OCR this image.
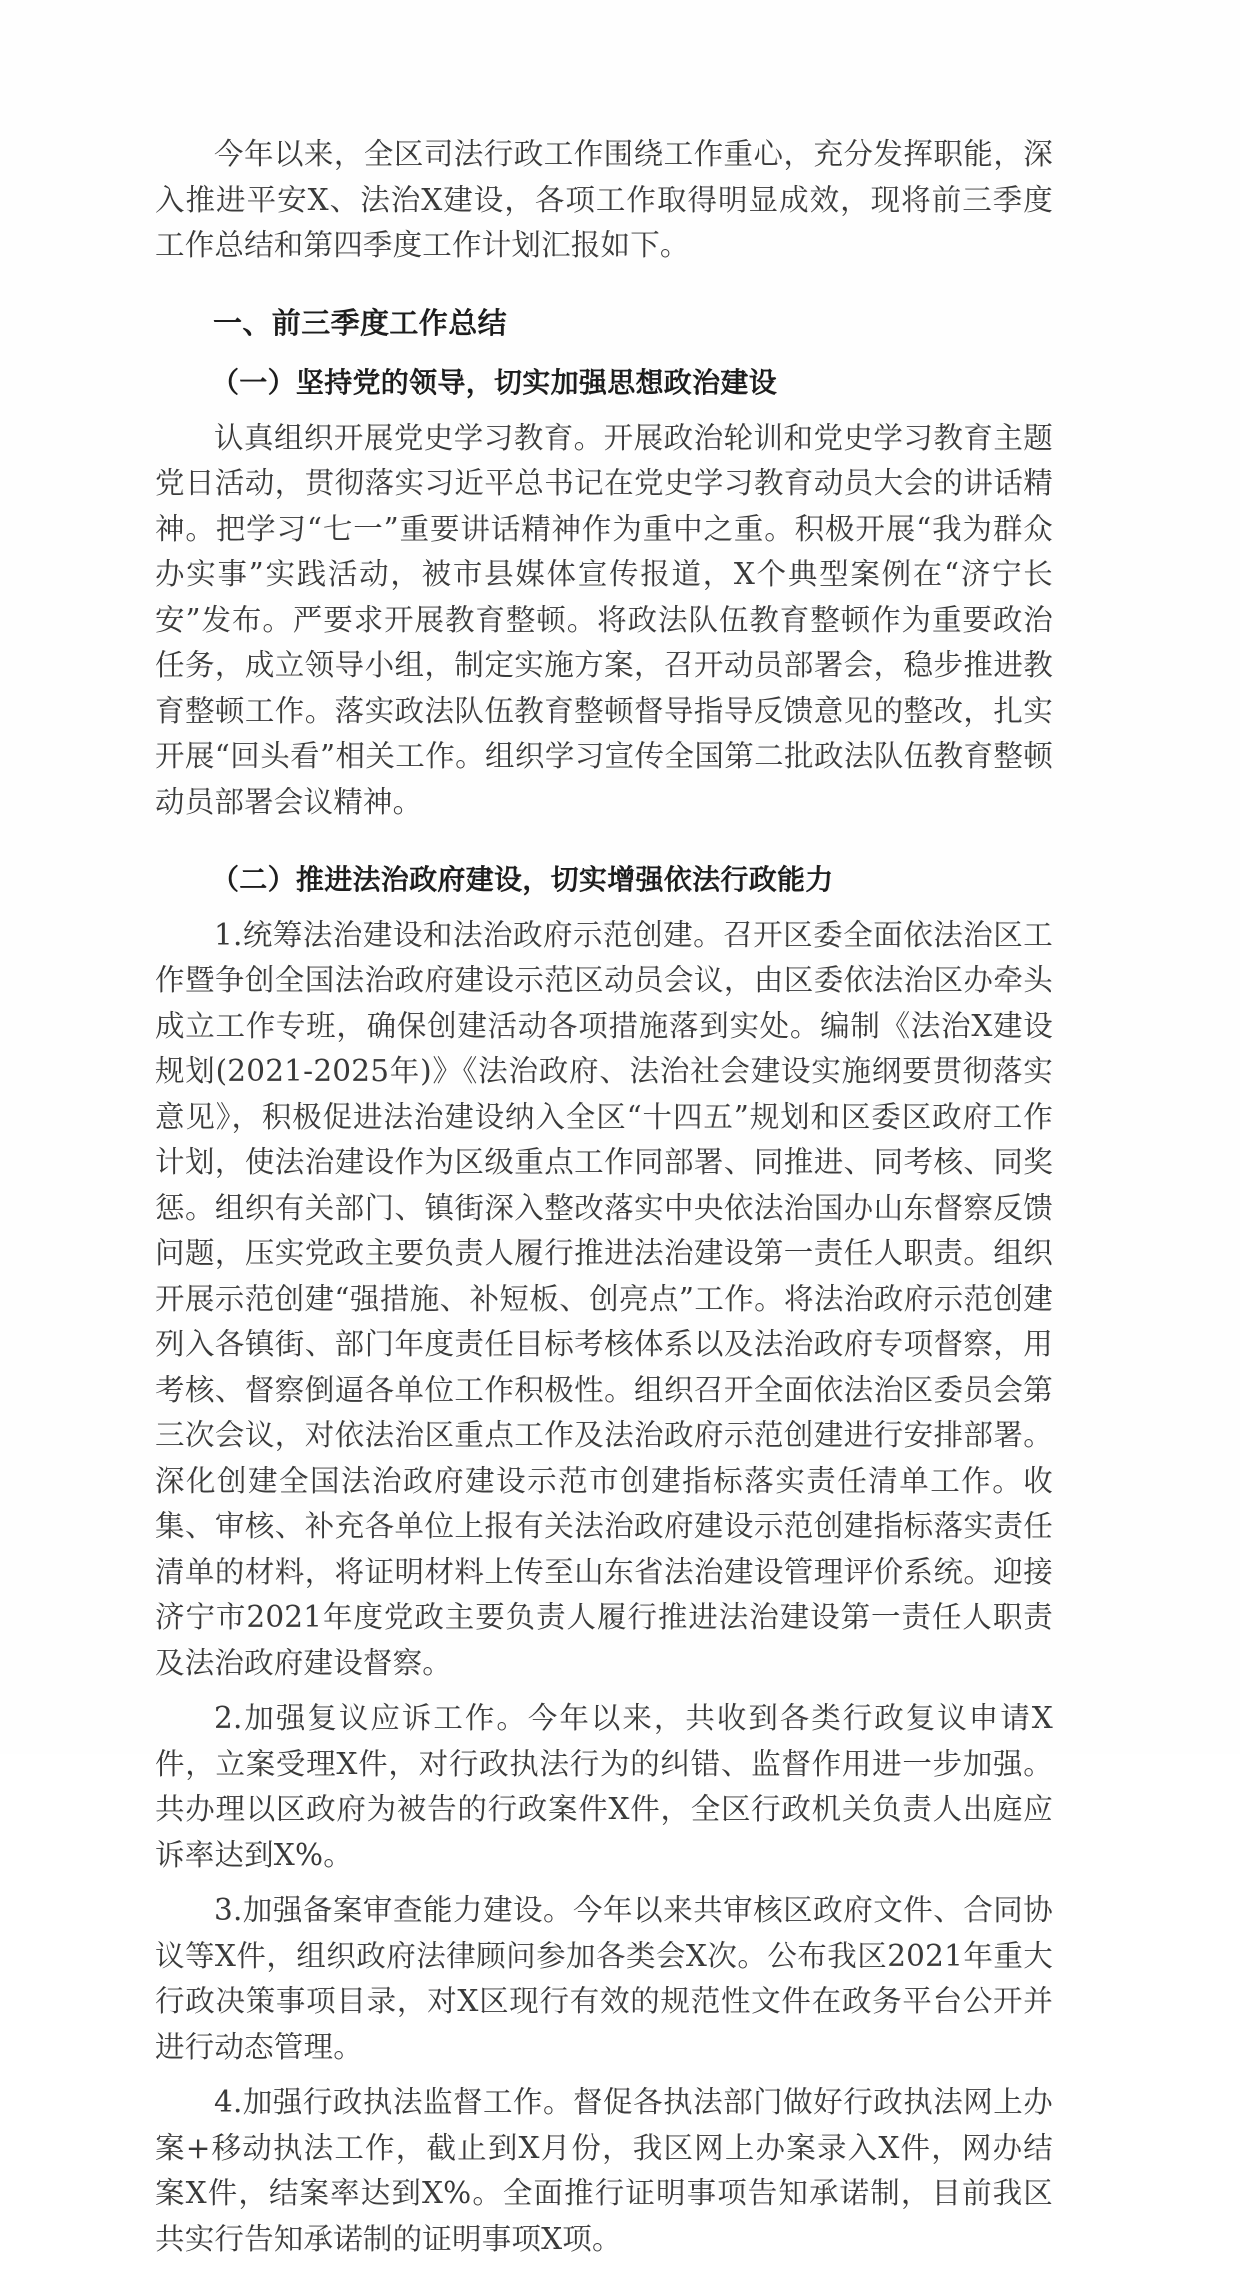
今年以来，全区司法行政工作围绕工作重心，充分发挥职能，深入推进平安X、法治X建设，各项工作取得明显成效，现将前三季度工作总结和第四季度工作计划汇报如下。

一、前三季度工作总结
（一）坚持党的领导，切实加强思想政治建设

认真组织开展党史学习教育。开展政治轮训和党史学习教育主题党日活动，贯彻落实习近平总书记在党史学习教育动员大会的讲话精神。把学习“七一”重要讲话精神作为重中之重。积极开展“我为群众办实事”实践活动，被市县媒体宣传报道，X个典型案例在“济宁长安”发布。严要求开展教育整顿。将政法队伍教育整顿作为重要政治任务，成立领导小组，制定实施方案，召开动员部署会，稳步推进教育整顿工作。落实政法队伍教育整顿督导指导反馈意见的整改，扎实开展“回头看”相关工作。组织学习宣传全国第二批政法队伍教育整顿动员部署会议精神。

（二）推进法治政府建设，切实增强依法行政能力

1.统筹法治建设和法治政府示范创建。召开区委全面依法治区工作暨争创全国法治政府建设示范区动员会议，由区委依法治区办牵头成立工作专班，确保创建活动各项措施落到实处。编制《法治X建设规划(2021-2025年)》《法治政府、法治社会建设实施纲要贯彻落实意见》，积极促进法治建设纳入全区“十四五”规划和区委区政府工作计划，使法治建设作为区级重点工作同部署、同推进、同考核、同奖惩。组织有关部门、镇街深入整改落实中央依法治国办山东督察反馈问题，压实党政主要负责人履行推进法治建设第一责任人职责。组织开展示范创建“强措施、补短板、创亮点”工作。将法治政府示范创建列入各镇街、部门年度责任目标考核体系以及法治政府专项督察，用考核、督察倒逼各单位工作积极性。组织召开全面依法治区委员会第三次会议，对依法治区重点工作及法治政府示范创建进行安排部署。深化创建全国法治政府建设示范市创建指标落实责任清单工作。收集、审核、补充各单位上报有关法治政府建设示范创建指标落实责任清单的材料，将证明材料上传至山东省法治建设管理评价系统。迎接济宁市2021年度党政主要负责人履行推进法治建设第一责任人职责及法治政府建设督察。

2.加强复议应诉工作。今年以来，共收到各类行政复议申请X件，立案受理X件，对行政执法行为的纠错、监督作用进一步加强。共办理以区政府为被告的行政案件X件，全区行政机关负责人出庭应诉率达到X%。

3.加强备案审查能力建设。今年以来共审核区政府文件、合同协议等X件，组织政府法律顾问参加各类会X次。公布我区2021年重大行政决策事项目录，对X区现行有效的规范性文件在政务平台公开并进行动态管理。

4.加强行政执法监督工作。督促各执法部门做好行政执法网上办案+移动执法工作，截止到X月份，我区网上办案录入X件，网办结案X件，结案率达到X%。全面推行证明事项告知承诺制，目前我区共实行告知承诺制的证明事项X项。
